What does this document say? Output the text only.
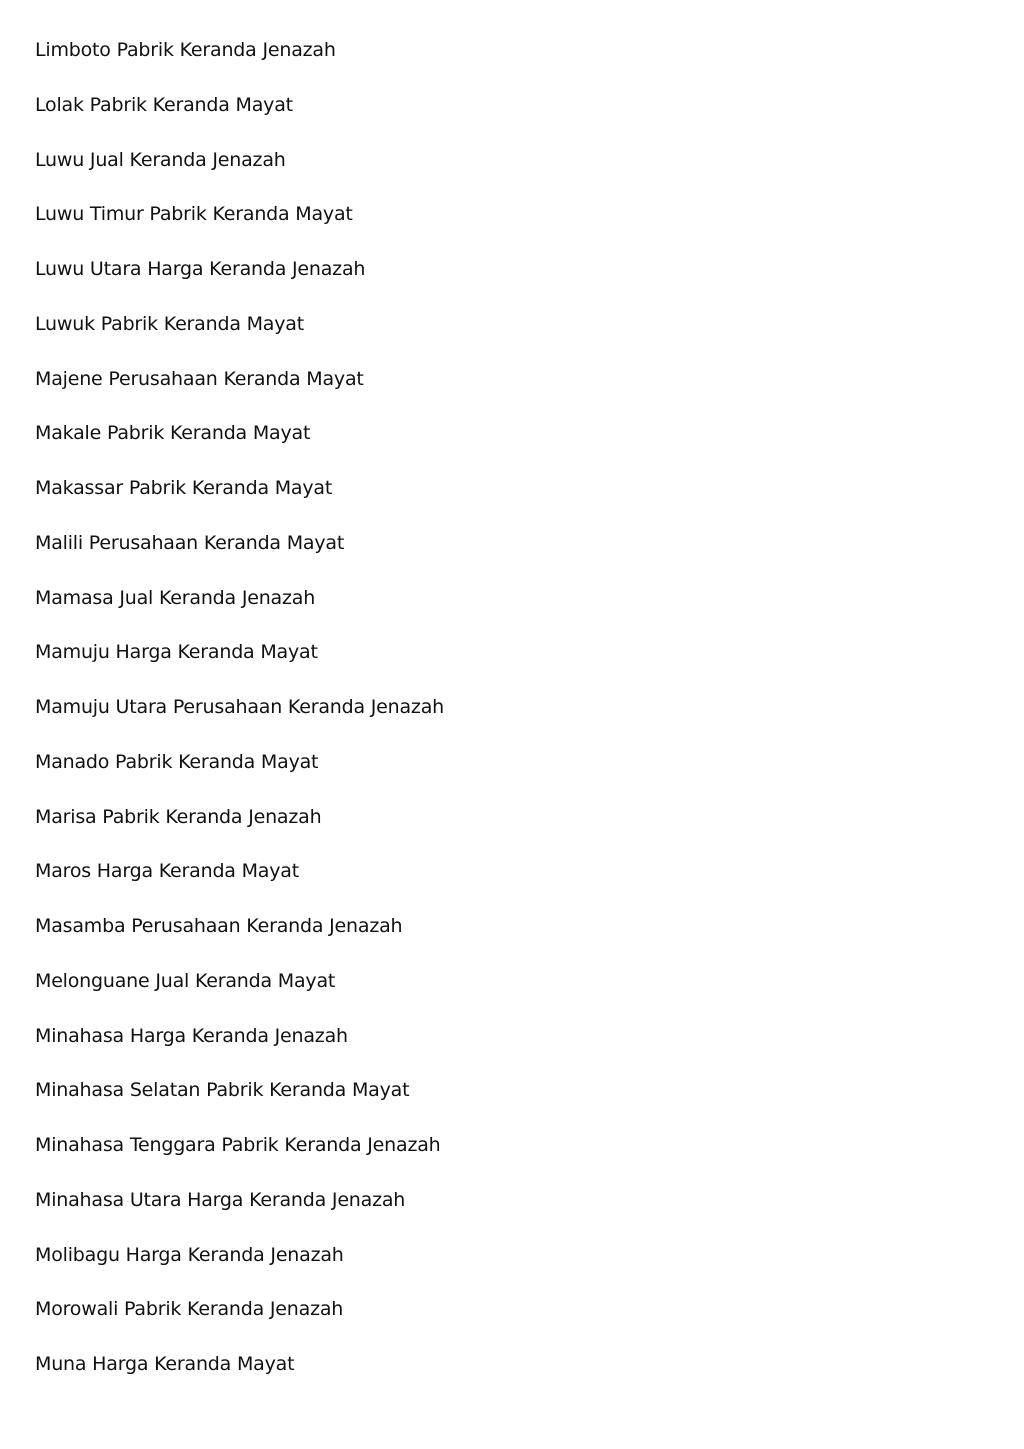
Limboto Pabrik Keranda Jenazah
Lolak Pabrik Keranda Mayat
Luwu Jual Keranda Jenazah
Luwu Timur Pabrik Keranda Mayat
Luwu Utara Harga Keranda Jenazah
Luwuk Pabrik Keranda Mayat
Majene Perusahaan Keranda Mayat
Makale Pabrik Keranda Mayat
Makassar Pabrik Keranda Mayat
Malili Perusahaan Keranda Mayat
Mamasa Jual Keranda Jenazah
Mamuju Harga Keranda Mayat
Mamuju Utara Perusahaan Keranda Jenazah
Manado Pabrik Keranda Mayat
Marisa Pabrik Keranda Jenazah
Maros Harga Keranda Mayat
Masamba Perusahaan Keranda Jenazah
Melonguane Jual Keranda Mayat
Minahasa Harga Keranda Jenazah
Minahasa Selatan Pabrik Keranda Mayat
Minahasa Tenggara Pabrik Keranda Jenazah
Minahasa Utara Harga Keranda Jenazah
Molibagu Harga Keranda Jenazah
Morowali Pabrik Keranda Jenazah
Muna Harga Keranda Mayat
